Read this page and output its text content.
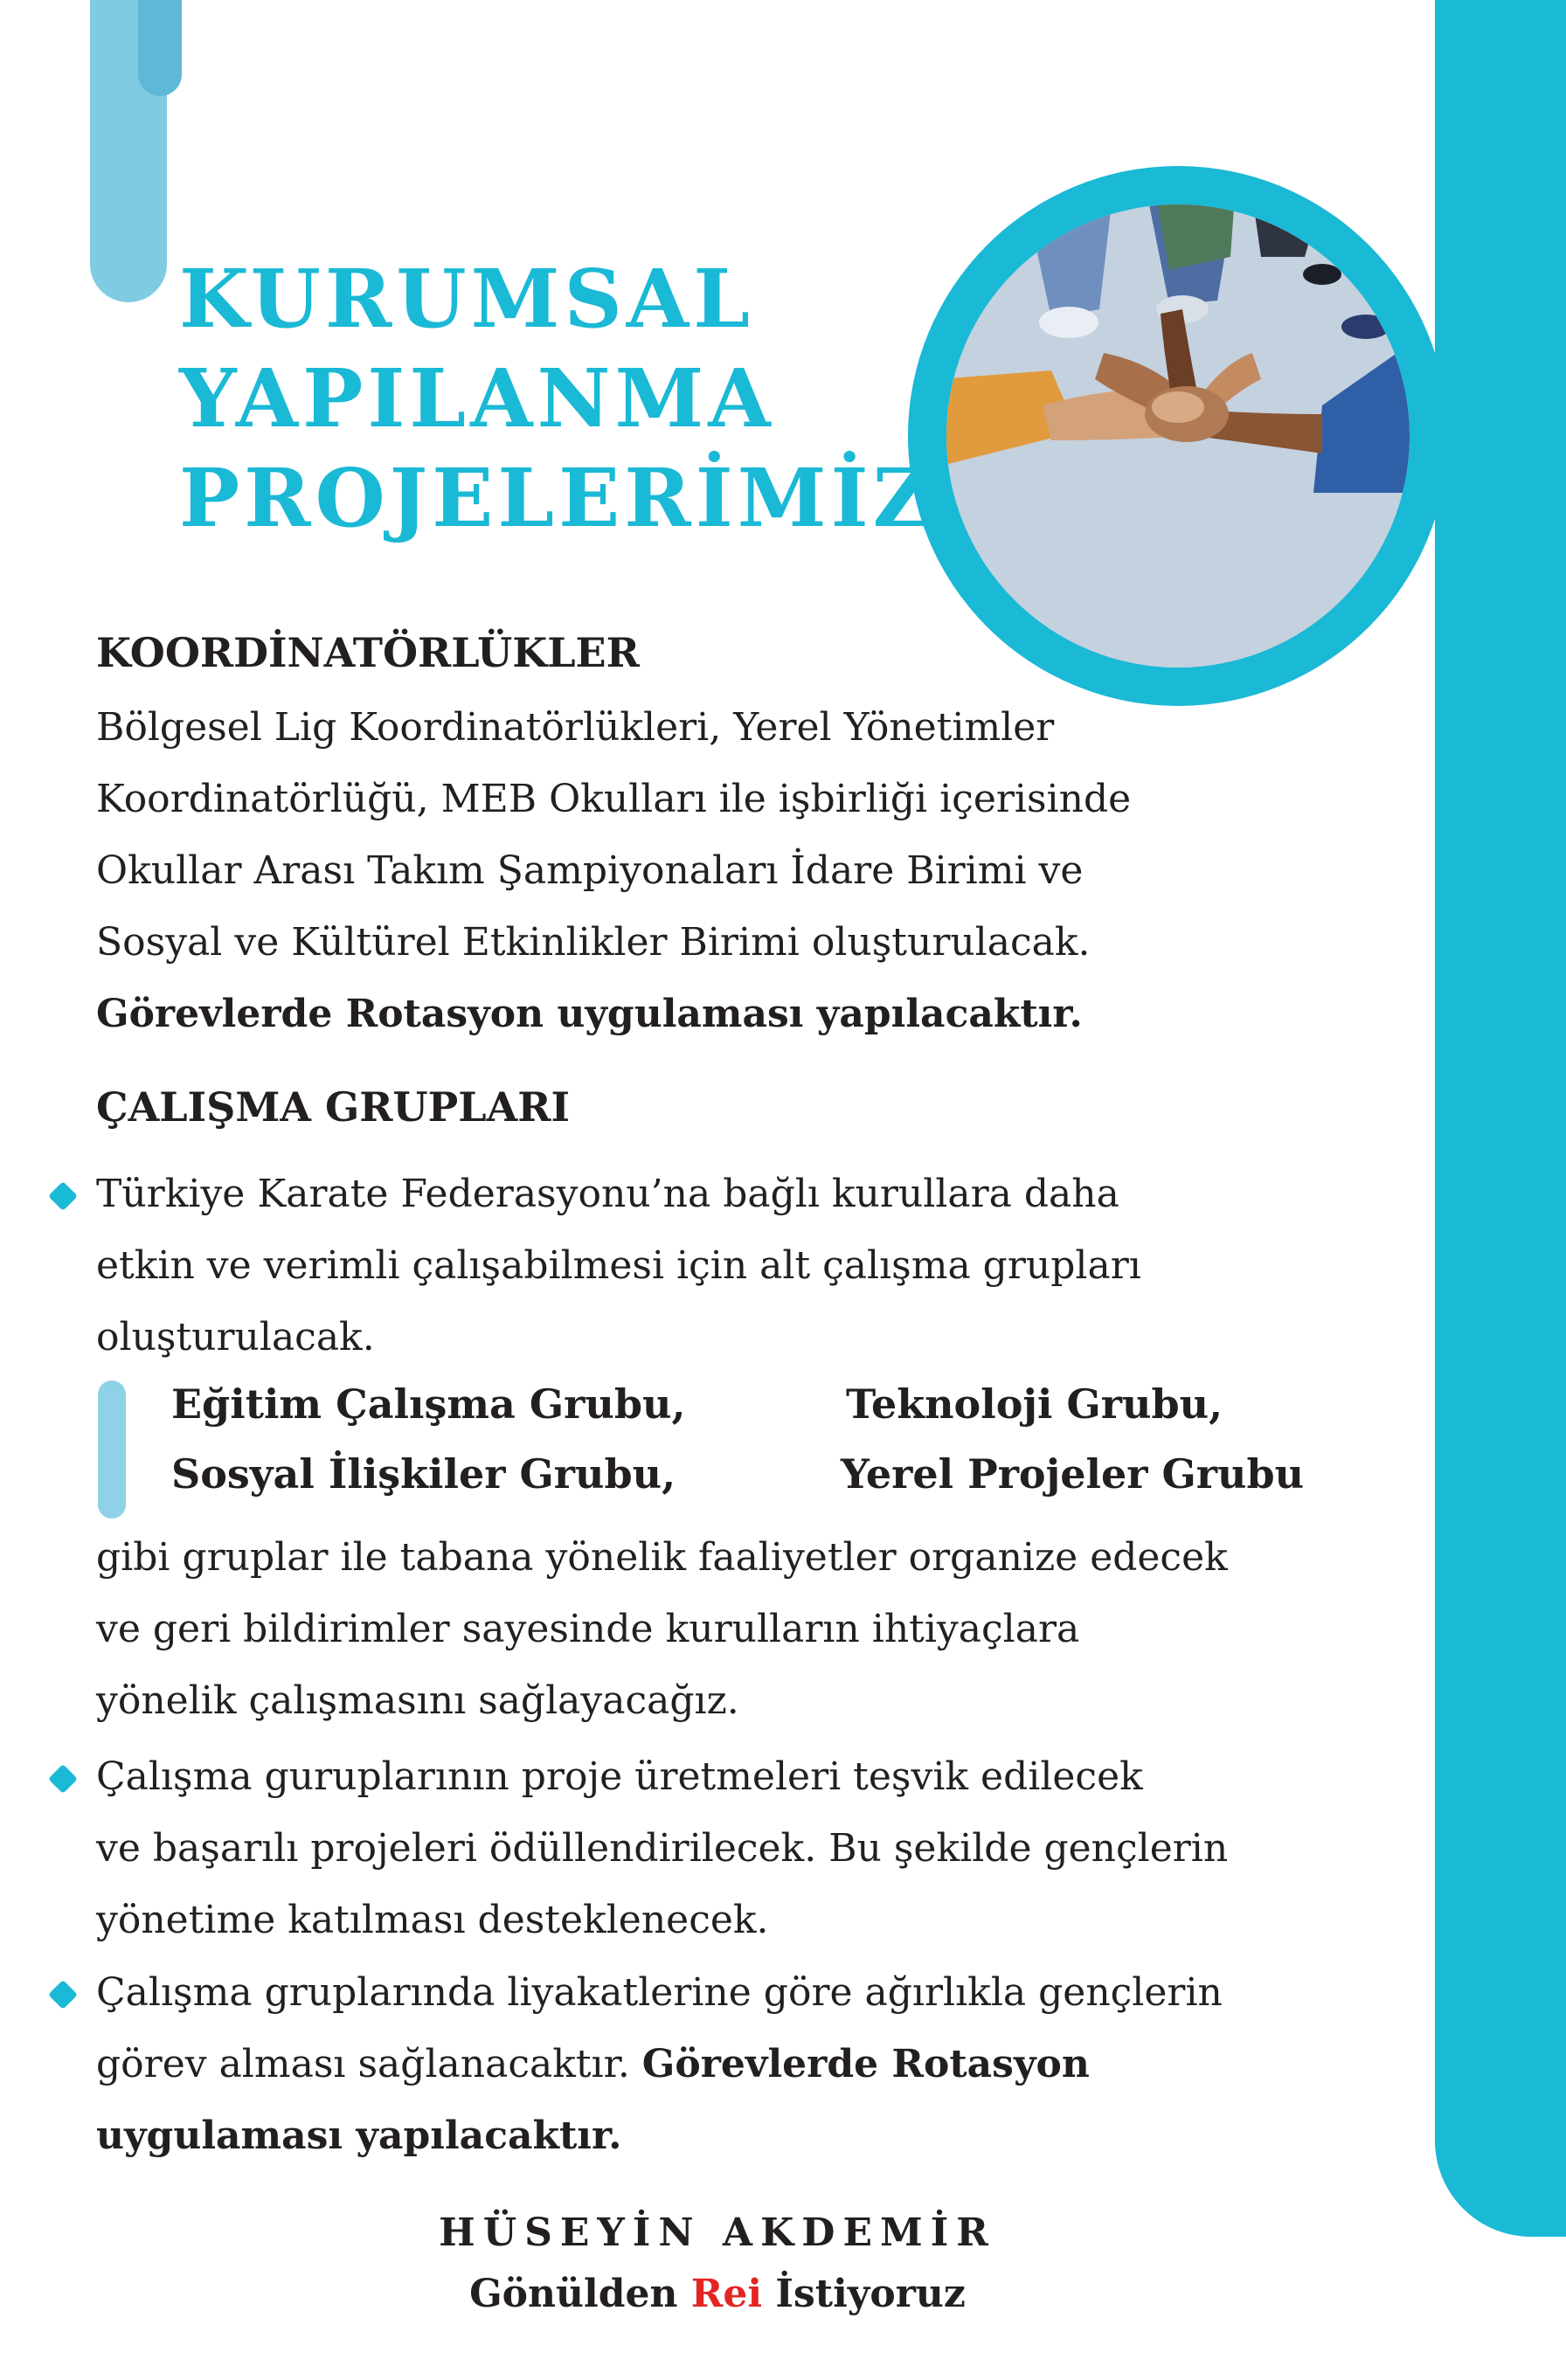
KURUMSAL
YAPILANMA
PROJELERİMİZ
KOORDİNATÖRLÜKLER
Bölgesel Lig Koordinatörlükleri, Yerel Yönetimler
Koordinatörlüğü, MEB Okulları ile işbirliği içerisinde
Okullar Arası Takım Şampiyonaları İdare Birimi ve
Sosyal ve Kültürel Etkinlikler Birimi oluşturulacak.
Görevlerde Rotasyon uygulaması yapılacaktır.
ÇALIŞMA GRUPLARI
Türkiye Karate Federasyonu’na bağlı kurullara daha
etkin ve verimli çalışabilmesi için alt çalışma grupları
oluşturulacak.

Eğitim Çalışma Grubu,	Teknoloji Grubu,

Sosyal İlişkiler Grubu,	Yerel Projeler Grubu

gibi gruplar ile tabana yönelik faaliyetler organize edecek
ve geri bildirimler sayesinde kurulların ihtiyaçlara
yönelik çalışmasını sağlayacağız.
Çalışma guruplarının proje üretmeleri teşvik edilecek
ve başarılı projeleri ödüllendirilecek. Bu şekilde gençlerin
yönetime katılması desteklenecek.
Çalışma gruplarında liyakatlerine göre ağırlıkla gençlerin
görev alması sağlanacaktır. Görevlerde Rotasyon
uygulaması yapılacaktır.

HÜSEYİN AKDEMİR

Gönülden Rei İstiyoruz
